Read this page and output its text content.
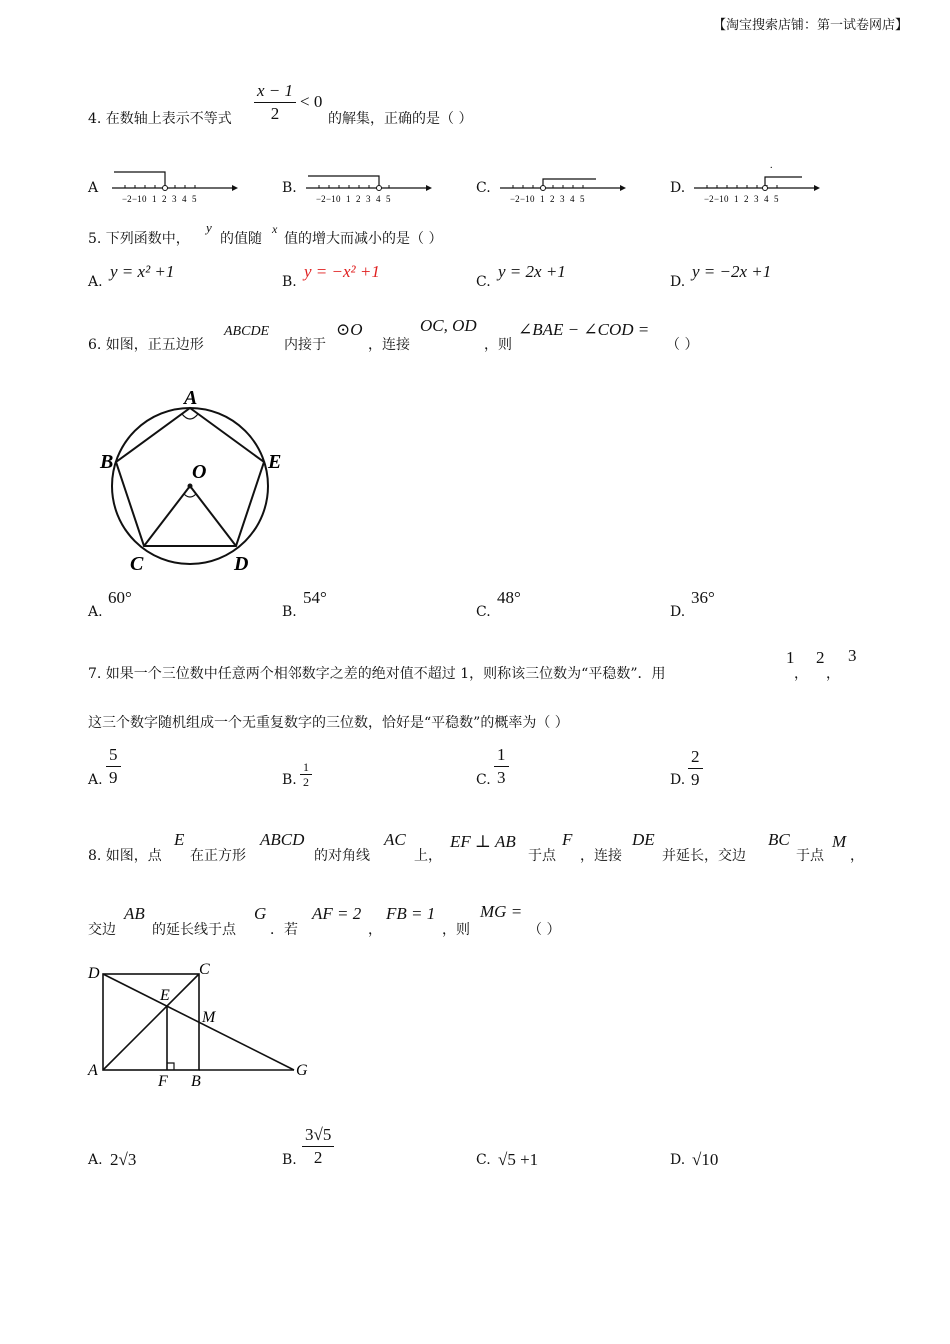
【淘宝搜索店铺：第一试卷网店】
4. 在数轴上表示不等式 $\frac{x - 1}{2} < 0$
的解集，正确的是（ ）
A	B.	C.	D.
−2 −1 0 1 2 3 4 5	−2 −1 0 1 2 3 4 5	−2 −1 0 1 2 3 4 5
.
−2 −1 0 1 2 3 4 5
5. 下列函数中，
y
的值随
x
值的增大而减小的是（ ）
A.
y = x² +1
B.
y = −x² +1
C.
y = 2x +1
D.
y = −2x +1
6. 如图，正五边形
ABCDE
内接于
⊙O
，连接
OC, OD
，则
∠BAE − ∠COD =
（ ）
A
B	E
O
C	D
A.
60°
B.
54°
C.
48°
D.
36°
7. 如果一个三位数中任意两个相邻数字之差的绝对值不超过 1，则称该三位数为“平稳数”．用
1
，
2
，
3
这三个数字随机组成一个无重复数字的三位数，恰好是“平稳数”的概率为（ ）
A. $\frac{5}{9}$	B. $\frac{1}{2}$	C. $\frac{1}{3}$	D. $\frac{2}{9}$
8. 如图，点
E
在正方形
ABCD
的对角线
AC
上，
EF ⊥ AB
于点
F
，连接
DE
并延长，交边
BC
于点
M
，
交边
AB
的延长线于点
G
．若
AF = 2
，
FB = 1
，则
MG =
（ ）
D	C
E
M
A
F B
G
A. 2√3	B. $\frac{3√5}{2}$	C. √5 +1	D. √10
